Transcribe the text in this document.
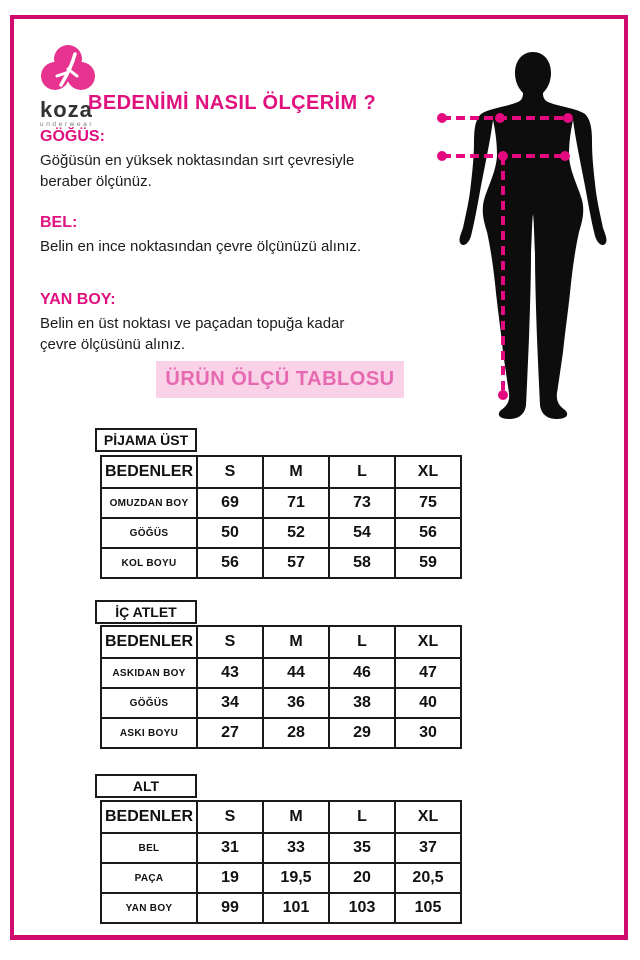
koza
underwear
BEDENİMİ NASIL ÖLÇERİM ?
GÖĞÜS:
Göğüsün en yüksek noktasından sırt çevresiyle beraber ölçünüz.
BEL:
Belin en ince noktasından çevre ölçünüzü alınız.
YAN BOY:
Belin en üst noktası ve paçadan topuğa kadar çevre ölçüsünü alınız.
ÜRÜN ÖLÇÜ TABLOSU
PİJAMA ÜST
BEDENLER	S	M	L	XL
OMUZDAN BOY	69	71	73	75
GÖĞÜS	50	52	54	56
KOL BOYU	56	57	58	59
İÇ ATLET
BEDENLER	S	M	L	XL
ASKIDAN BOY	43	44	46	47
GÖĞÜS	34	36	38	40
ASKI BOYU	27	28	29	30
ALT
BEDENLER	S	M	L	XL
BEL	31	33	35	37
PAÇA	19	19,5	20	20,5
YAN BOY	99	101	103	105
